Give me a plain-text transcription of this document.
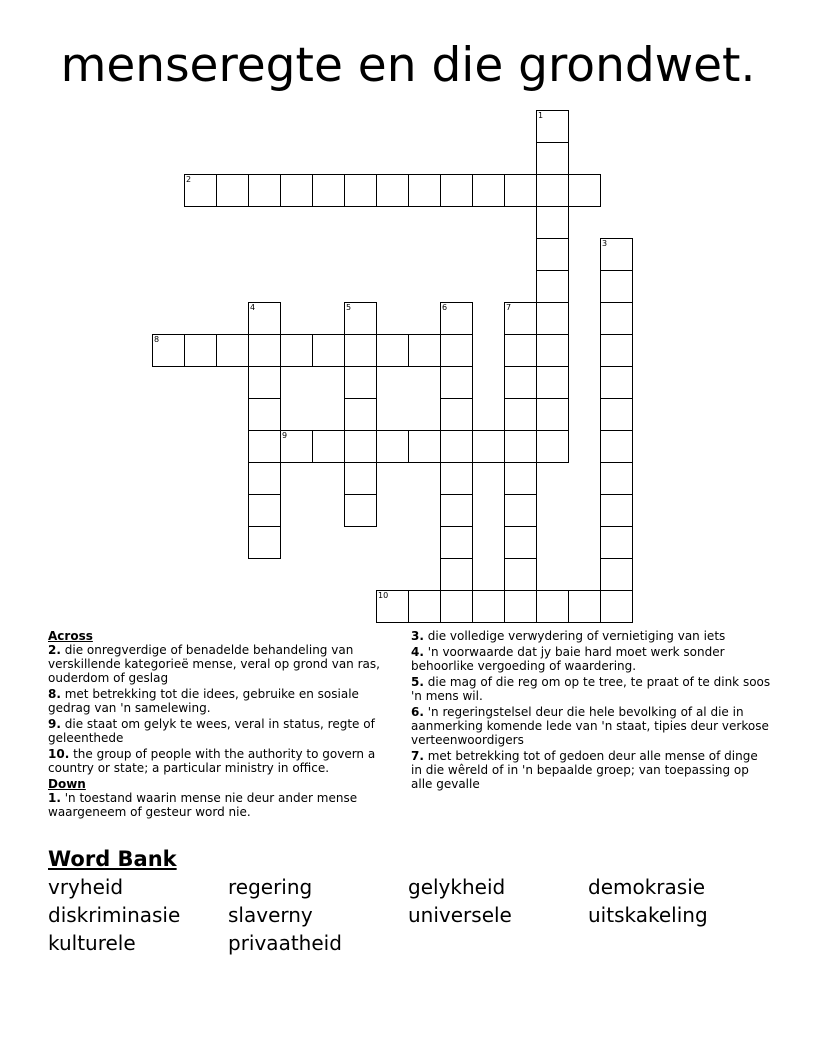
menseregte en die grondwet.
1
2
3
4	5	6	7
8
9
10
Across
2. die onregverdige of benadelde behandeling van verskillende kategorieë mense, veral op grond van ras, ouderdom of geslag
8. met betrekking tot die idees, gebruike en sosiale gedrag van 'n samelewing.
9. die staat om gelyk te wees, veral in status, regte of geleenthede
10. the group of people with the authority to govern a country or state; a particular ministry in office.
Down
1. 'n toestand waarin mense nie deur ander mense waargeneem of gesteur word nie.
3. die volledige verwydering of vernietiging van iets
4. 'n voorwaarde dat jy baie hard moet werk sonder behoorlike vergoeding of waardering.
5. die mag of die reg om op te tree, te praat of te dink soos 'n mens wil.
6. 'n regeringstelsel deur die hele bevolking of al die in aanmerking komende lede van 'n staat, tipies deur verkose verteenwoordigers
7. met betrekking tot of gedoen deur alle mense of dinge in die wêreld of in 'n bepaalde groep; van toepassing op alle gevalle
Word Bank
vryheid	regering	gelykheid	demokrasie
diskriminasie slaverny	universele	uitskakeling
kulturele	privaatheid
